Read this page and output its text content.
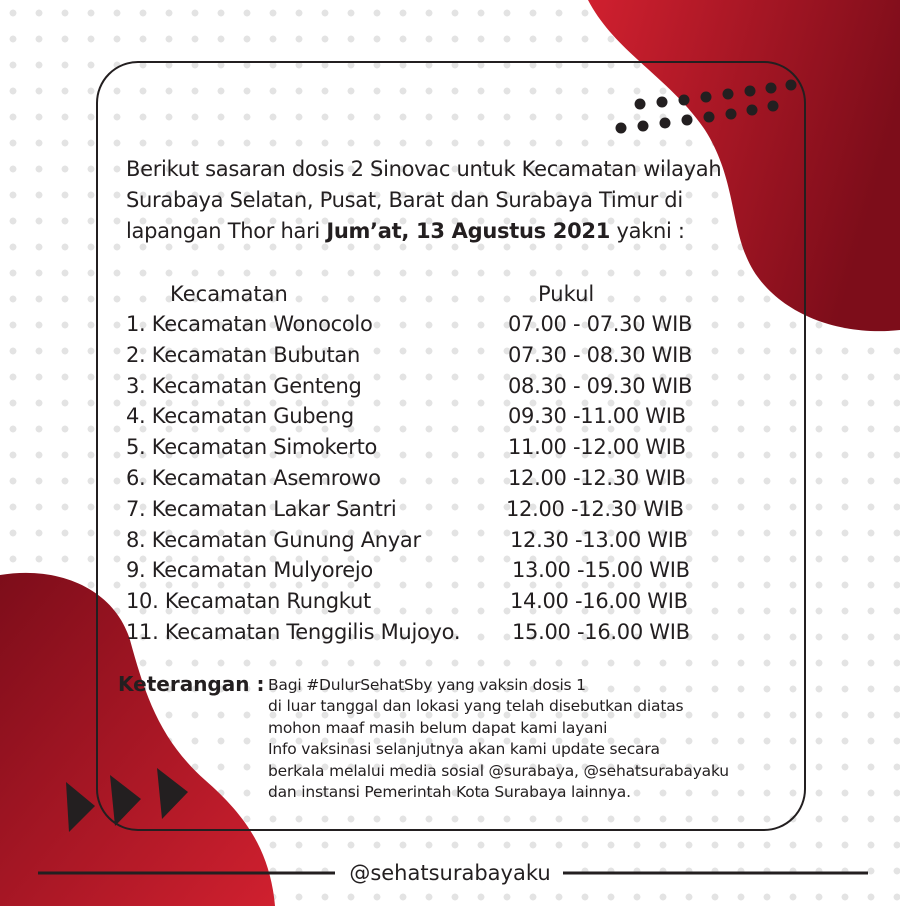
Berikut sasaran dosis 2 Sinovac untuk Kecamatan wilayah Surabaya Selatan, Pusat, Barat dan Surabaya Timur di lapangan Thor hari Jum’at, 13 Agustus 2021 yakni :
Kecamatan	Pukul
1. Kecamatan Wonocolo	07.00 - 07.30 WIB
2. Kecamatan Bubutan	07.30 - 08.30 WIB
3. Kecamatan Genteng	08.30 - 09.30 WIB
4. Kecamatan Gubeng	09.30 -11.00 WIB
5. Kecamatan Simokerto	11.00 -12.00 WIB
6. Kecamatan Asemrowo	12.00 -12.30 WIB
7. Kecamatan Lakar Santri	12.00 -12.30 WIB
8. Kecamatan Gunung Anyar	12.30 -13.00 WIB
9. Kecamatan Mulyorejo	13.00 -15.00 WIB
10. Kecamatan Rungkut	14.00 -16.00 WIB
11. Kecamatan Tenggilis Mujoyo. 15.00 -16.00 WIB
Keterangan : Bagi #DulurSehatSby yang vaksin dosis 1
di luar tanggal dan lokasi yang telah disebutkan diatas
mohon maaf masih belum dapat kami layani
Info vaksinasi selanjutnya akan kami update secara
berkala melalui media sosial @surabaya, @sehatsurabayaku
dan instansi Pemerintah Kota Surabaya lainnya.
@sehatsurabayaku
